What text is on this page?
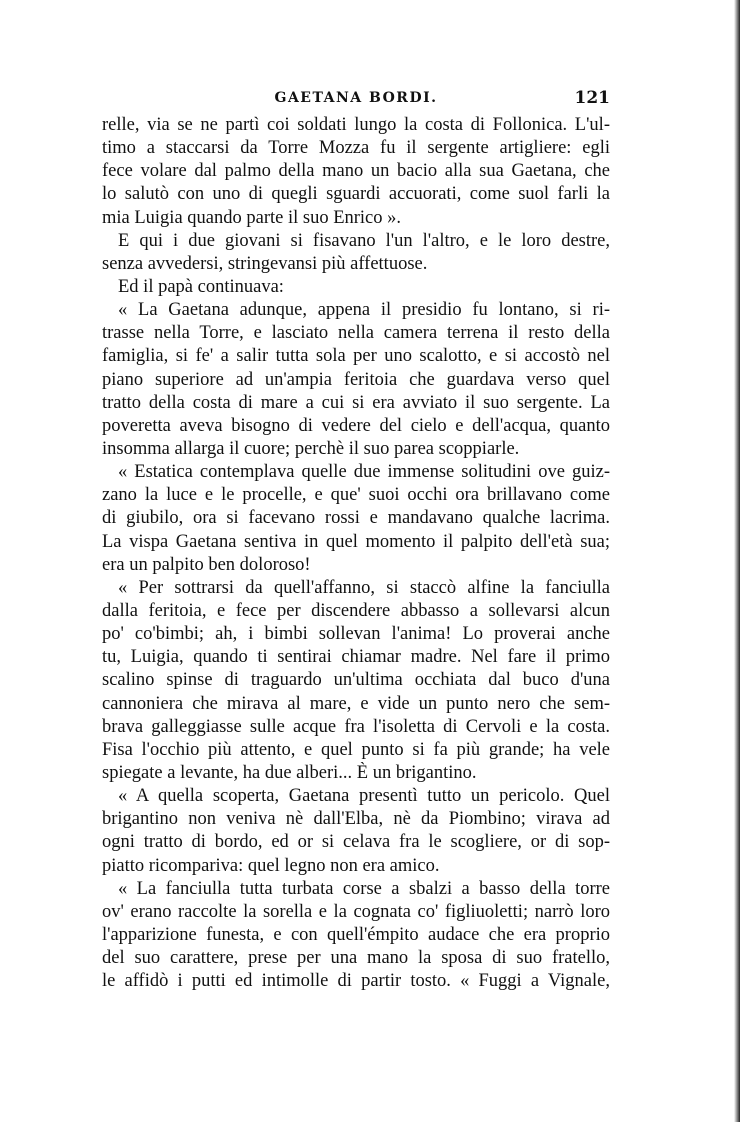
GAETANA BORDI.	121
relle, via se ne partì coi soldati lungo la costa di Follonica. L'ul-
timo a staccarsi da Torre Mozza fu il sergente artigliere: egli
fece volare dal palmo della mano un bacio alla sua Gaetana, che
lo salutò con uno di quegli sguardi accuorati, come suol farli la
mia Luigia quando parte il suo Enrico ».
E qui i due giovani si fisavano l'un l'altro, e le loro destre,
senza avvedersi, stringevansi più affettuose.
Ed il papà continuava:
« La Gaetana adunque, appena il presidio fu lontano, si ri-
trasse nella Torre, e lasciato nella camera terrena il resto della
famiglia, si fe' a salir tutta sola per uno scalotto, e si accostò nel
piano superiore ad un'ampia feritoia che guardava verso quel
tratto della costa di mare a cui si era avviato il suo sergente. La
poveretta aveva bisogno di vedere del cielo e dell'acqua, quanto
insomma allarga il cuore; perchè il suo parea scoppiarle.
« Estatica contemplava quelle due immense solitudini ove guiz-
zano la luce e le procelle, e que' suoi occhi ora brillavano come
di giubilo, ora si facevano rossi e mandavano qualche lacrima.
La vispa Gaetana sentiva in quel momento il palpito dell'età sua;
era un palpito ben doloroso!
« Per sottrarsi da quell'affanno, si staccò alfine la fanciulla
dalla feritoia, e fece per discendere abbasso a sollevarsi alcun
po' co'bimbi; ah, i bimbi sollevan l'anima! Lo proverai anche
tu, Luigia, quando ti sentirai chiamar madre. Nel fare il primo
scalino spinse di traguardo un'ultima occhiata dal buco d'una
cannoniera che mirava al mare, e vide un punto nero che sem-
brava galleggiasse sulle acque fra l'isoletta di Cervoli e la costa.
Fisa l'occhio più attento, e quel punto si fa più grande; ha vele
spiegate a levante, ha due alberi... È un brigantino.
« A quella scoperta, Gaetana presentì tutto un pericolo. Quel
brigantino non veniva nè dall'Elba, nè da Piombino; virava ad
ogni tratto di bordo, ed or si celava fra le scogliere, or di sop-
piatto ricompariva: quel legno non era amico.
« La fanciulla tutta turbata corse a sbalzi a basso della torre
ov' erano raccolte la sorella e la cognata co' figliuoletti; narrò loro
l'apparizione funesta, e con quell'émpito audace che era proprio
del suo carattere, prese per una mano la sposa di suo fratello,
le affidò i putti ed intimolle di partir tosto. « Fuggi a Vignale,
